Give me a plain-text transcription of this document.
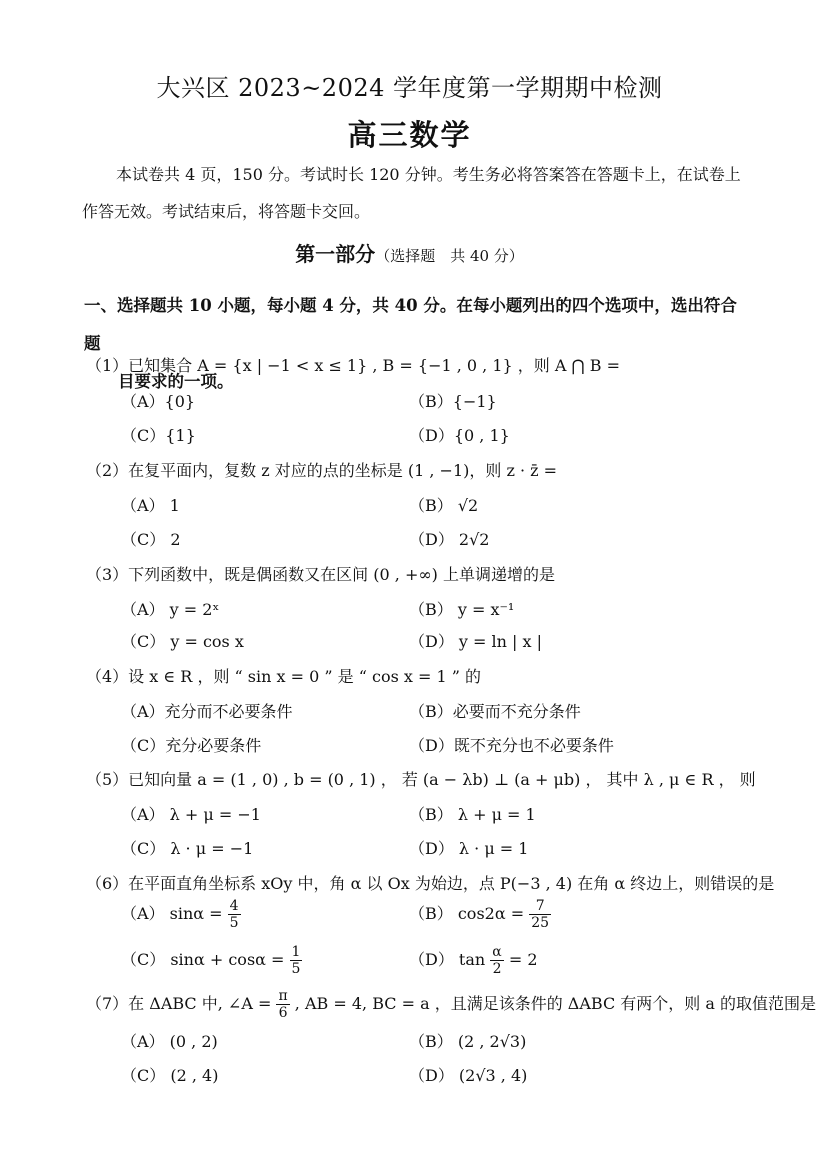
大兴区 2023~2024 学年度第一学期期中检测
高三数学
本试卷共 4 页，150 分。考试时长 120 分钟。考生务必将答案答在答题卡上，在试卷上作答无效。考试结束后，将答题卡交回。
第一部分（选择题　共 40 分）
一、选择题共 10 小题，每小题 4 分，共 40 分。在每小题列出的四个选项中，选出符合题
目要求的一项。
（1）已知集合 A = {x | −1 < x ≤ 1} , B = {−1 , 0 , 1} ，则 A ⋂ B =
（A）{0}	（B）{−1}
（C）{1}	（D）{0 , 1}
（2）在复平面内，复数 z 对应的点的坐标是 (1 , −1)，则 z · z̄ =
（A） 1	（B） √2
（C） 2	（D） 2√2
（3）下列函数中，既是偶函数又在区间 (0 , +∞) 上单调递增的是
（A） y = 2ˣ	（B） y = x⁻¹
（C） y = cos x	（D） y = ln | x |
（4）设 x ∈ R ，则 “ sin x = 0 ” 是 “ cos x = 1 ” 的
（A）充分而不必要条件	（B）必要而不充分条件
（C）充分必要条件	（D）既不充分也不必要条件
（5）已知向量 a = (1 , 0) , b = (0 , 1) ， 若 (a − λb) ⊥ (a + μb) ， 其中 λ , μ ∈ R ， 则
（A） λ + μ = −1	（B） λ + μ = 1
（C） λ · μ = −1	（D） λ · μ = 1
（6）在平面直角坐标系 xOy 中，角 α 以 Ox 为始边，点 P(−3 , 4) 在角 α 终边上，则错误的是
（A） $\sin\alpha = \frac{4}{5}$	（B） $\cos 2\alpha = \frac{7}{25}$
（C） $\sin\alpha + \cos\alpha = \frac{1}{5}$	（D） $\tan \frac{\alpha}{2} = 2$
（7）在 ΔABC 中, ∠A = $\frac{\pi}{6}$ , AB = 4, BC = a ，且满足该条件的 ΔABC 有两个，则 a 的取值范围是
（A） (0 , 2)	（B） (2 , 2√3)
（C） (2 , 4)	（D） (2√3 , 4)
